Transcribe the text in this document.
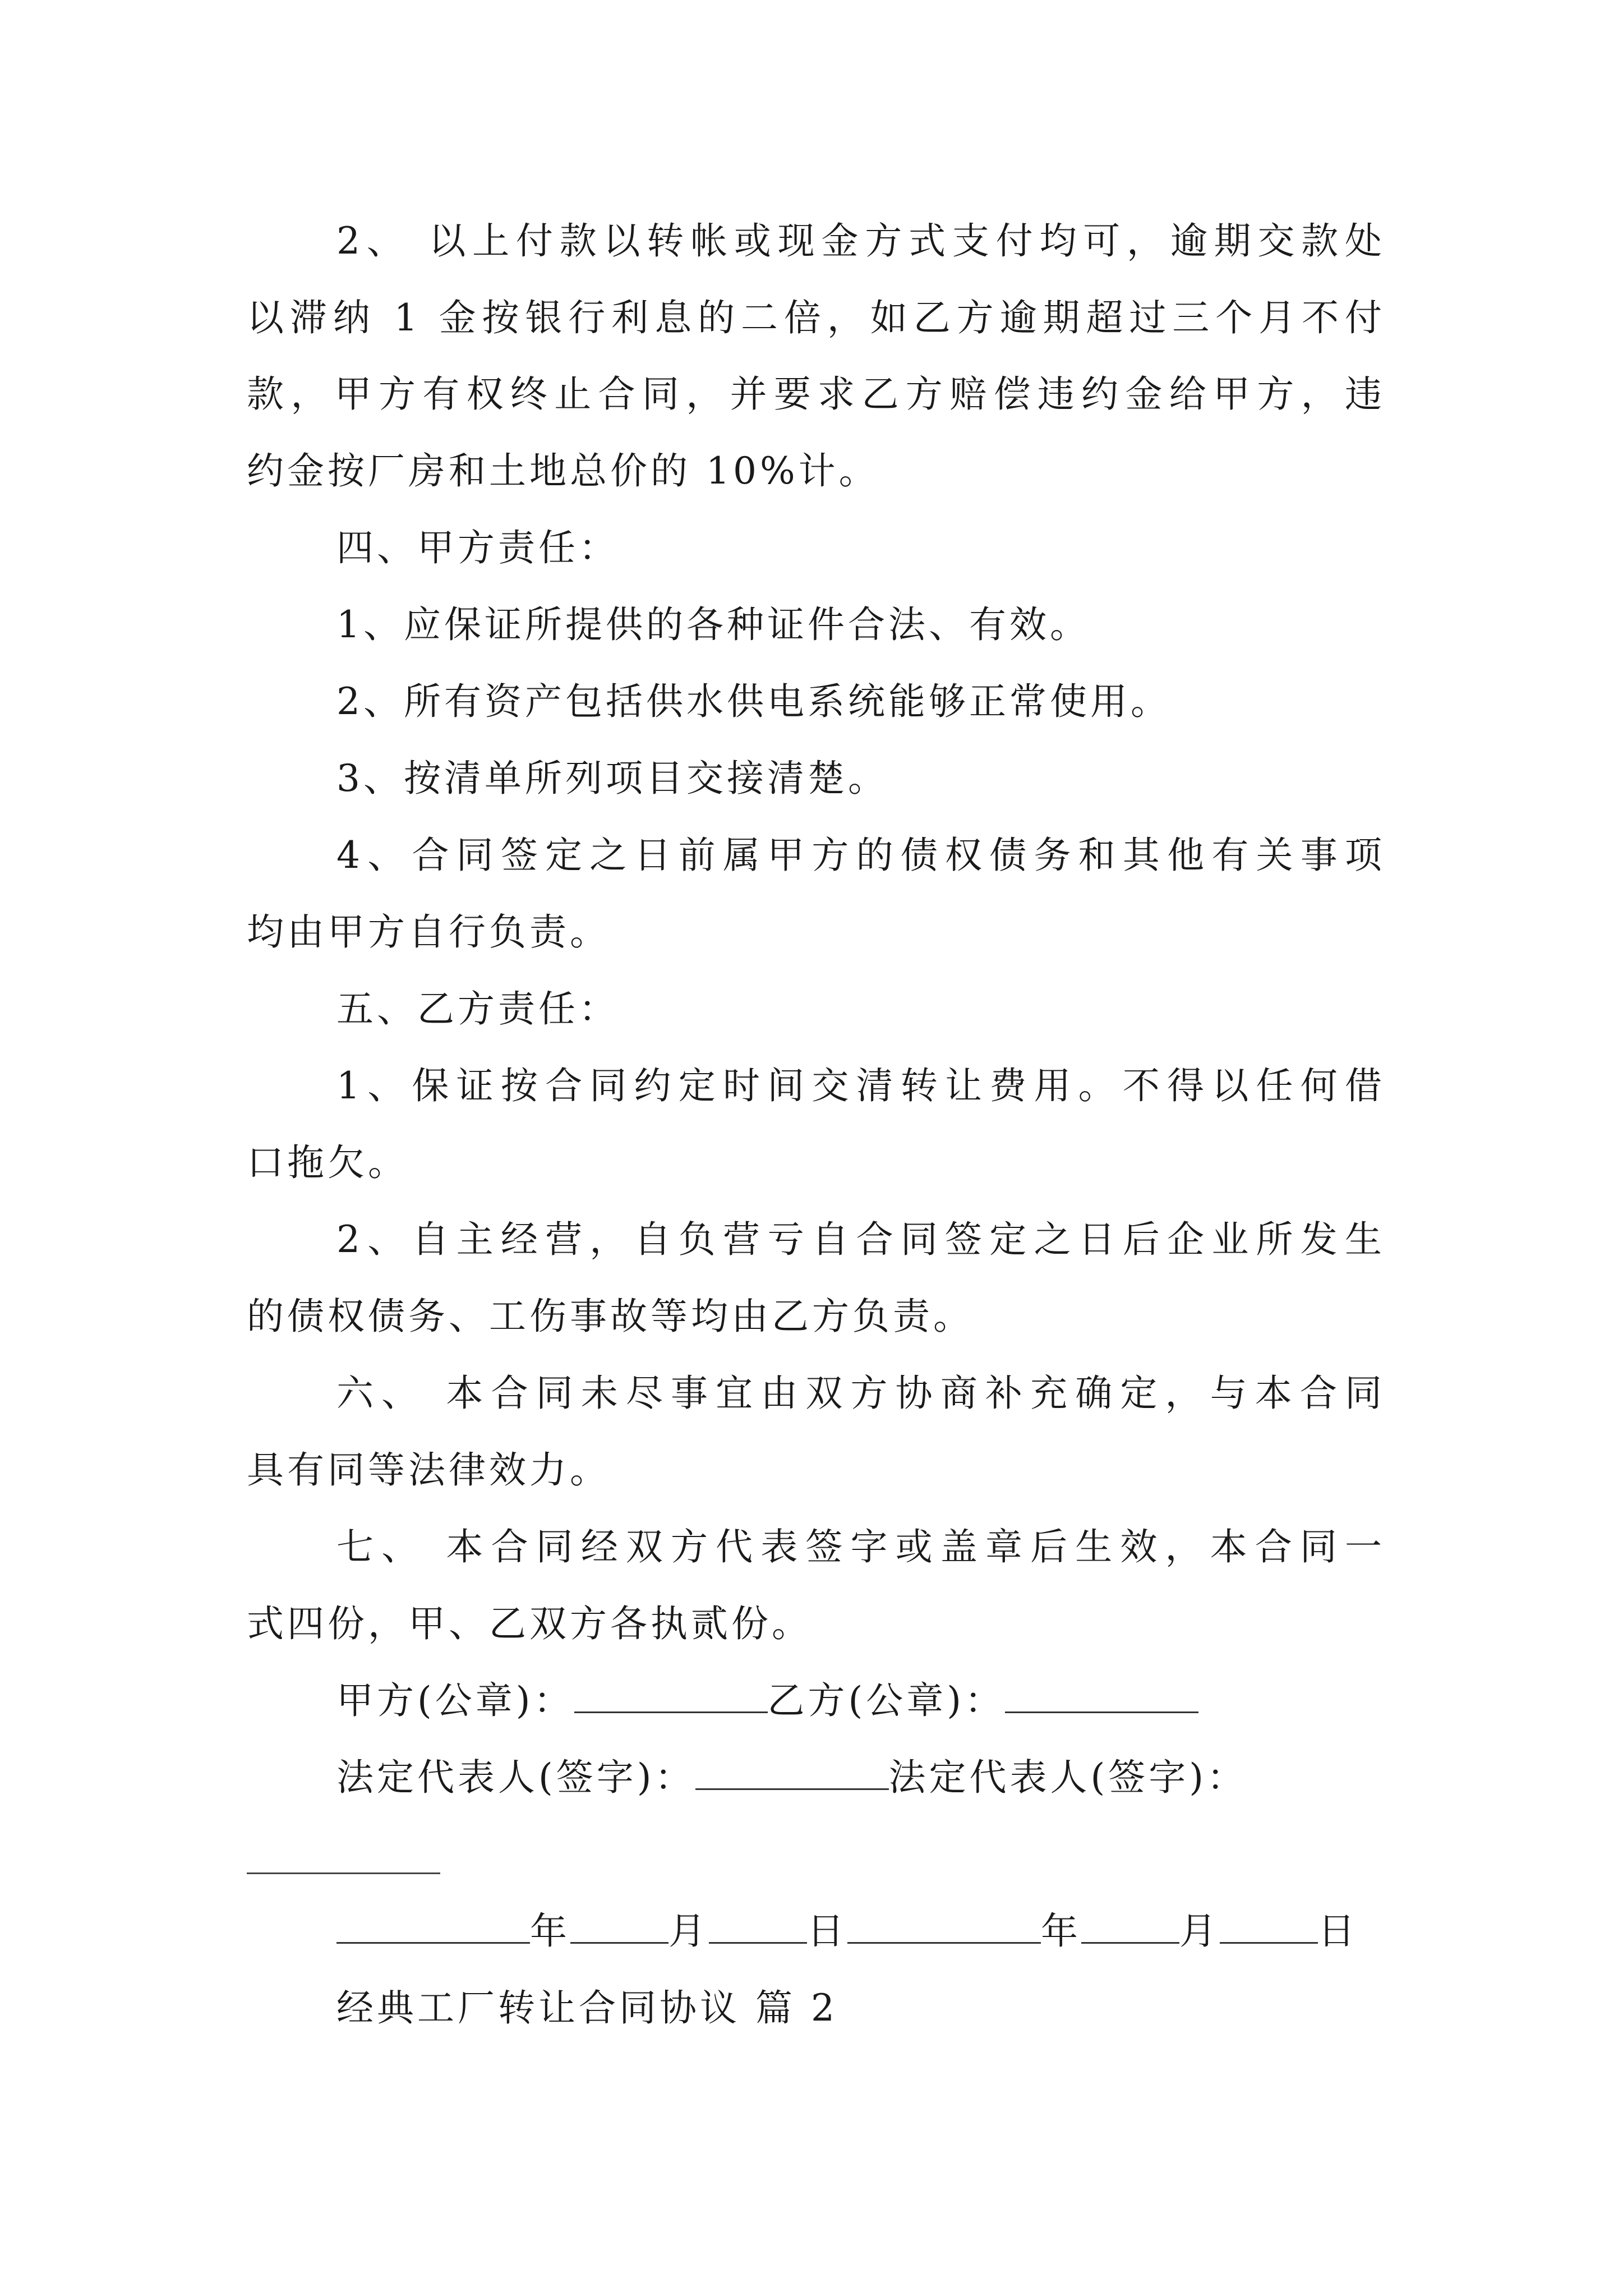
2、 以上付款以转帐或现金方式支付均可，逾期交款处
以滞纳 1 金按银行利息的二倍，如乙方逾期超过三个月不付
款，甲方有权终止合同，并要求乙方赔偿违约金给甲方，违
约金按厂房和土地总价的 10%计。
四、甲方责任：
1、应保证所提供的各种证件合法、有效。
2、所有资产包括供水供电系统能够正常使用。
3、按清单所列项目交接清楚。
4、合同签定之日前属甲方的债权债务和其他有关事项
均由甲方自行负责。
五、乙方责任：
1、保证按合同约定时间交清转让费用。不得以任何借
口拖欠。
2、自主经营，自负营亏自合同签定之日后企业所发生
的债权债务、工伤事故等均由乙方负责。
六、 本合同未尽事宜由双方协商补充确定，与本合同
具有同等法律效力。
七、 本合同经双方代表签字或盖章后生效，本合同一
式四份，甲、乙双方各执贰份。
甲方(公章)：	乙方(公章)：
法定代表人(签字)：	法定代表人(签字)：
年	月	日	年	月	日
经典工厂转让合同协议 篇 2
